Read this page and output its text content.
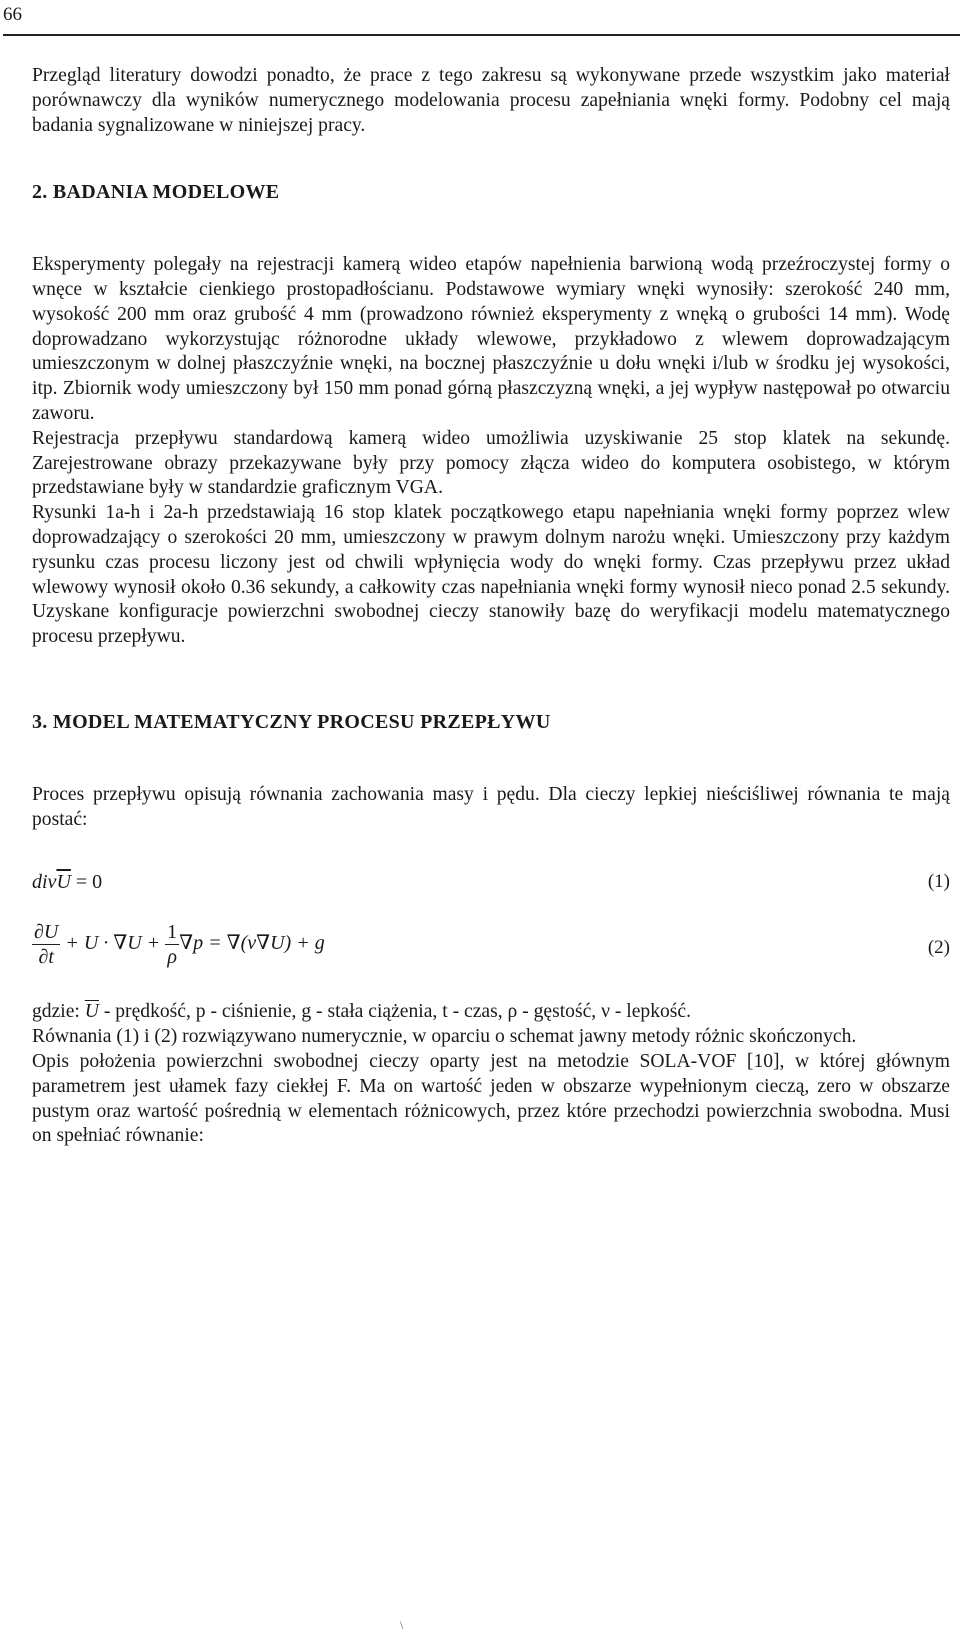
66

Przegląd literatury dowodzi ponadto, że prace z tego zakresu są wykonywane przede wszystkim jako materiał porównawczy dla wyników numerycznego modelowania procesu zapełniania wnęki formy. Podobny cel mają badania sygnalizowane w niniejszej pracy.

2. BADANIA MODELOWE

Eksperymenty polegały na rejestracji kamerą wideo etapów napełnienia barwioną wodą przeźroczystej formy o wnęce w kształcie cienkiego prostopadłościanu. Podstawowe wymiary wnęki wynosiły: szerokość 240 mm, wysokość 200 mm oraz grubość 4 mm (prowadzono również eksperymenty z wnęką o grubości 14 mm). Wodę doprowadzano wykorzystując różnorodne układy wlewowe, przykładowo z wlewem doprowadzającym umieszczonym w dolnej płaszczyźnie wnęki, na bocznej płaszczyźnie u dołu wnęki i/lub w środku jej wysokości, itp. Zbiornik wody umieszczony był 150 mm ponad górną płaszczyzną wnęki, a jej wypływ następował po otwarciu zaworu.

Rejestracja przepływu standardową kamerą wideo umożliwia uzyskiwanie 25 stop klatek na sekundę. Zarejestrowane obrazy przekazywane były przy pomocy złącza wideo do komputera osobistego, w którym przedstawiane były w standardzie graficznym VGA.

Rysunki 1a-h i 2a-h przedstawiają 16 stop klatek początkowego etapu napełniania wnęki formy poprzez wlew doprowadzający o szerokości 20 mm, umieszczony w prawym dolnym narożu wnęki. Umieszczony przy każdym rysunku czas procesu liczony jest od chwili wpłynięcia wody do wnęki formy. Czas przepływu przez układ wlewowy wynosił około 0.36 sekundy, a całkowity czas napełniania wnęki formy wynosił nieco ponad 2.5 sekundy. Uzyskane konfiguracje powierzchni swobodnej cieczy stanowiły bazę do weryfikacji modelu matematycznego procesu przepływu.

3. MODEL MATEMATYCZNY PROCESU PRZEPŁYWU

Proces przepływu opisują równania zachowania masy i pędu. Dla cieczy lepkiej nieściśliwej równania te mają postać:

$div\overline{U} = 0$	(1)
$\frac{\partial U}{\partial t} + U \cdot \nabla U + \frac{1}{\rho} \nabla p = \nabla(\nu\nabla U) + g$	(2)

gdzie: $\overline{U}$ - prędkość, p - ciśnienie, g - stała ciążenia, t - czas, ρ - gęstość, ν - lepkość.

Równania (1) i (2) rozwiązywano numerycznie, w oparciu o schemat jawny metody różnic skończonych.

Opis położenia powierzchni swobodnej cieczy oparty jest na metodzie SOLA-VOF [10], w której głównym parametrem jest ułamek fazy ciekłej F. Ma on wartość jeden w obszarze wypełnionym cieczą, zero w obszarze pustym oraz wartość pośrednią w elementach różnicowych, przez które przechodzi powierzchnia swobodna. Musi on spełniać równanie:

\
